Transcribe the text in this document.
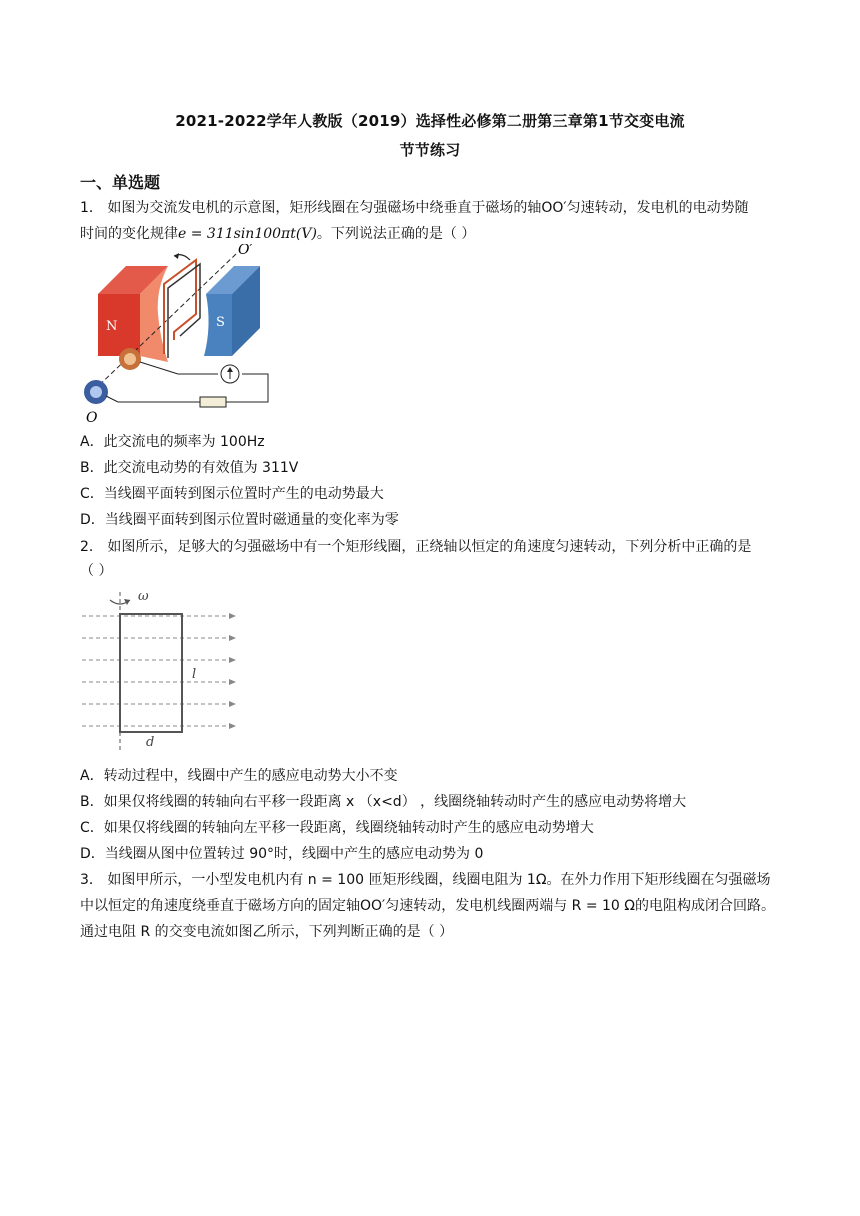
2021-2022学年人教版（2019）选择性必修第二册第三章第1节交变电流
节节练习
一、单选题
1． 如图为交流发电机的示意图，矩形线圈在匀强磁场中绕垂直于磁场的轴OO′匀速转动，发电机的电动势随
时间的变化规律e = 311sin100πt(V)。下列说法正确的是（ ）
N	S
O′
O
A．此交流电的频率为 100Hz
B．此交流电动势的有效值为 311V
C．当线圈平面转到图示位置时产生的电动势最大
D．当线圈平面转到图示位置时磁通量的变化率为零
2． 如图所示，足够大的匀强磁场中有一个矩形线圈，正绕轴以恒定的角速度匀速转动，下列分析中正确的是
（ ）
ω
l
d
A．转动过程中，线圈中产生的感应电动势大小不变
B．如果仅将线圈的转轴向右平移一段距离 x （x<d） ，线圈绕轴转动时产生的感应电动势将增大
C．如果仅将线圈的转轴向左平移一段距离，线圈绕轴转动时产生的感应电动势增大
D．当线圈从图中位置转过 90°时，线圈中产生的感应电动势为 0
3． 如图甲所示，一小型发电机内有 n = 100 匝矩形线圈，线圈电阻为 1Ω。在外力作用下矩形线圈在匀强磁场
中以恒定的角速度绕垂直于磁场方向的固定轴OO′匀速转动，发电机线圈两端与 R = 10 Ω的电阻构成闭合回路。
通过电阻 R 的交变电流如图乙所示，下列判断正确的是（ ）
